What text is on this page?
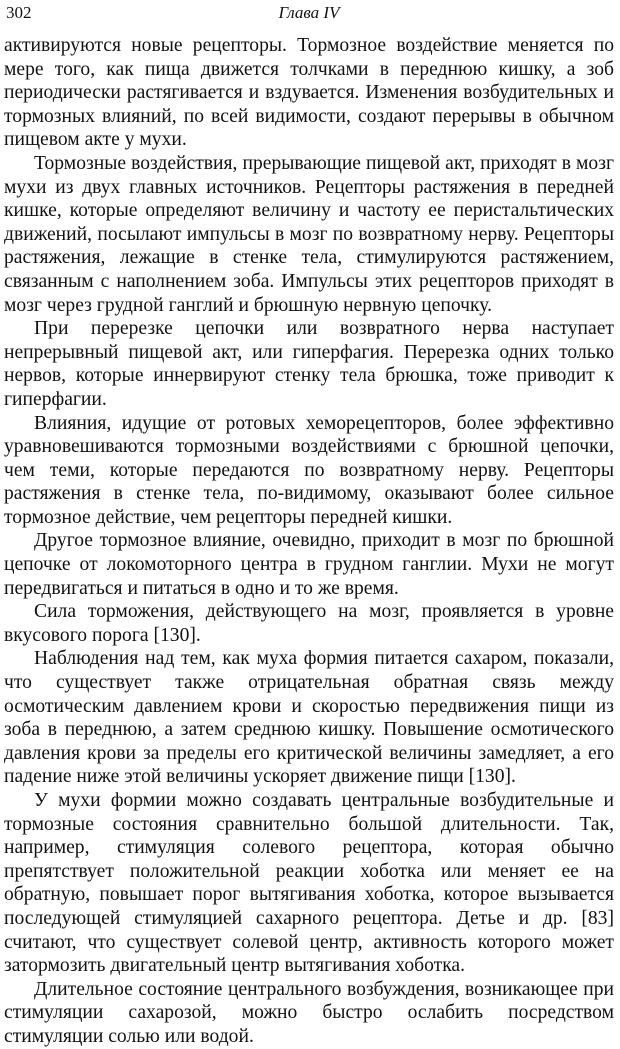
302	Глава IV

активируются новые рецепторы. Тормозное воздействие меняется по мере того, как пища движется толчками в переднюю кишку, а зоб периодически растягивается и вздувается. Изменения возбудительных и тормозных влияний, по всей видимости, создают перерывы в обычном пищевом акте у мухи.

Тормозные воздействия, прерывающие пищевой акт, приходят в мозг мухи из двух главных источников. Рецепторы растяжения в передней кишке, которые определяют величину и частоту ее перистальтических движений, посылают импульсы в мозг по возвратному нерву. Рецепторы растяжения, лежащие в стенке тела, стимулируются растяжением, связанным с наполнением зоба. Импульсы этих рецепторов приходят в мозг через грудной ганглий и брюшную нервную цепочку.

При перерезке цепочки или возвратного нерва наступает непрерывный пищевой акт, или гиперфагия. Перерезка одних только нервов, которые иннервируют стенку тела брюшка, тоже приводит к гиперфагии.

Влияния, идущие от ротовых хеморецепторов, более эффективно уравновешиваются тормозными воздействиями с брюшной цепочки, чем теми, которые передаются по возвратному нерву. Рецепторы растяжения в стенке тела, по-видимому, оказывают более сильное тормозное действие, чем рецепторы передней кишки.

Другое тормозное влияние, очевидно, приходит в мозг по брюшной цепочке от локомоторного центра в грудном ганглии. Мухи не могут передвигаться и питаться в одно и то же время.

Сила торможения, действующего на мозг, проявляется в уровне вкусового порога [130].

Наблюдения над тем, как муха формия питается сахаром, показали, что существует также отрицательная обратная связь между осмотическим давлением крови и скоростью передвижения пищи из зоба в переднюю, а затем среднюю кишку. Повышение осмотического давления крови за пределы его критической величины замедляет, а его падение ниже этой величины ускоряет движение пищи [130].

У мухи формии можно создавать центральные возбудительные и тормозные состояния сравнительно большой длительности. Так, например, стимуляция солевого рецептора, которая обычно препятствует положительной реакции хоботка или меняет ее на обратную, повышает порог вытягивания хоботка, которое вызывается последующей стимуляцией сахарного рецептора. Детье и др. [83] считают, что существует солевой центр, активность которого может затормозить двигательный центр вытягивания хоботка.

Длительное состояние центрального возбуждения, возникающее при стимуляции сахарозой, можно быстро ослабить посредством стимуляции солью или водой.
